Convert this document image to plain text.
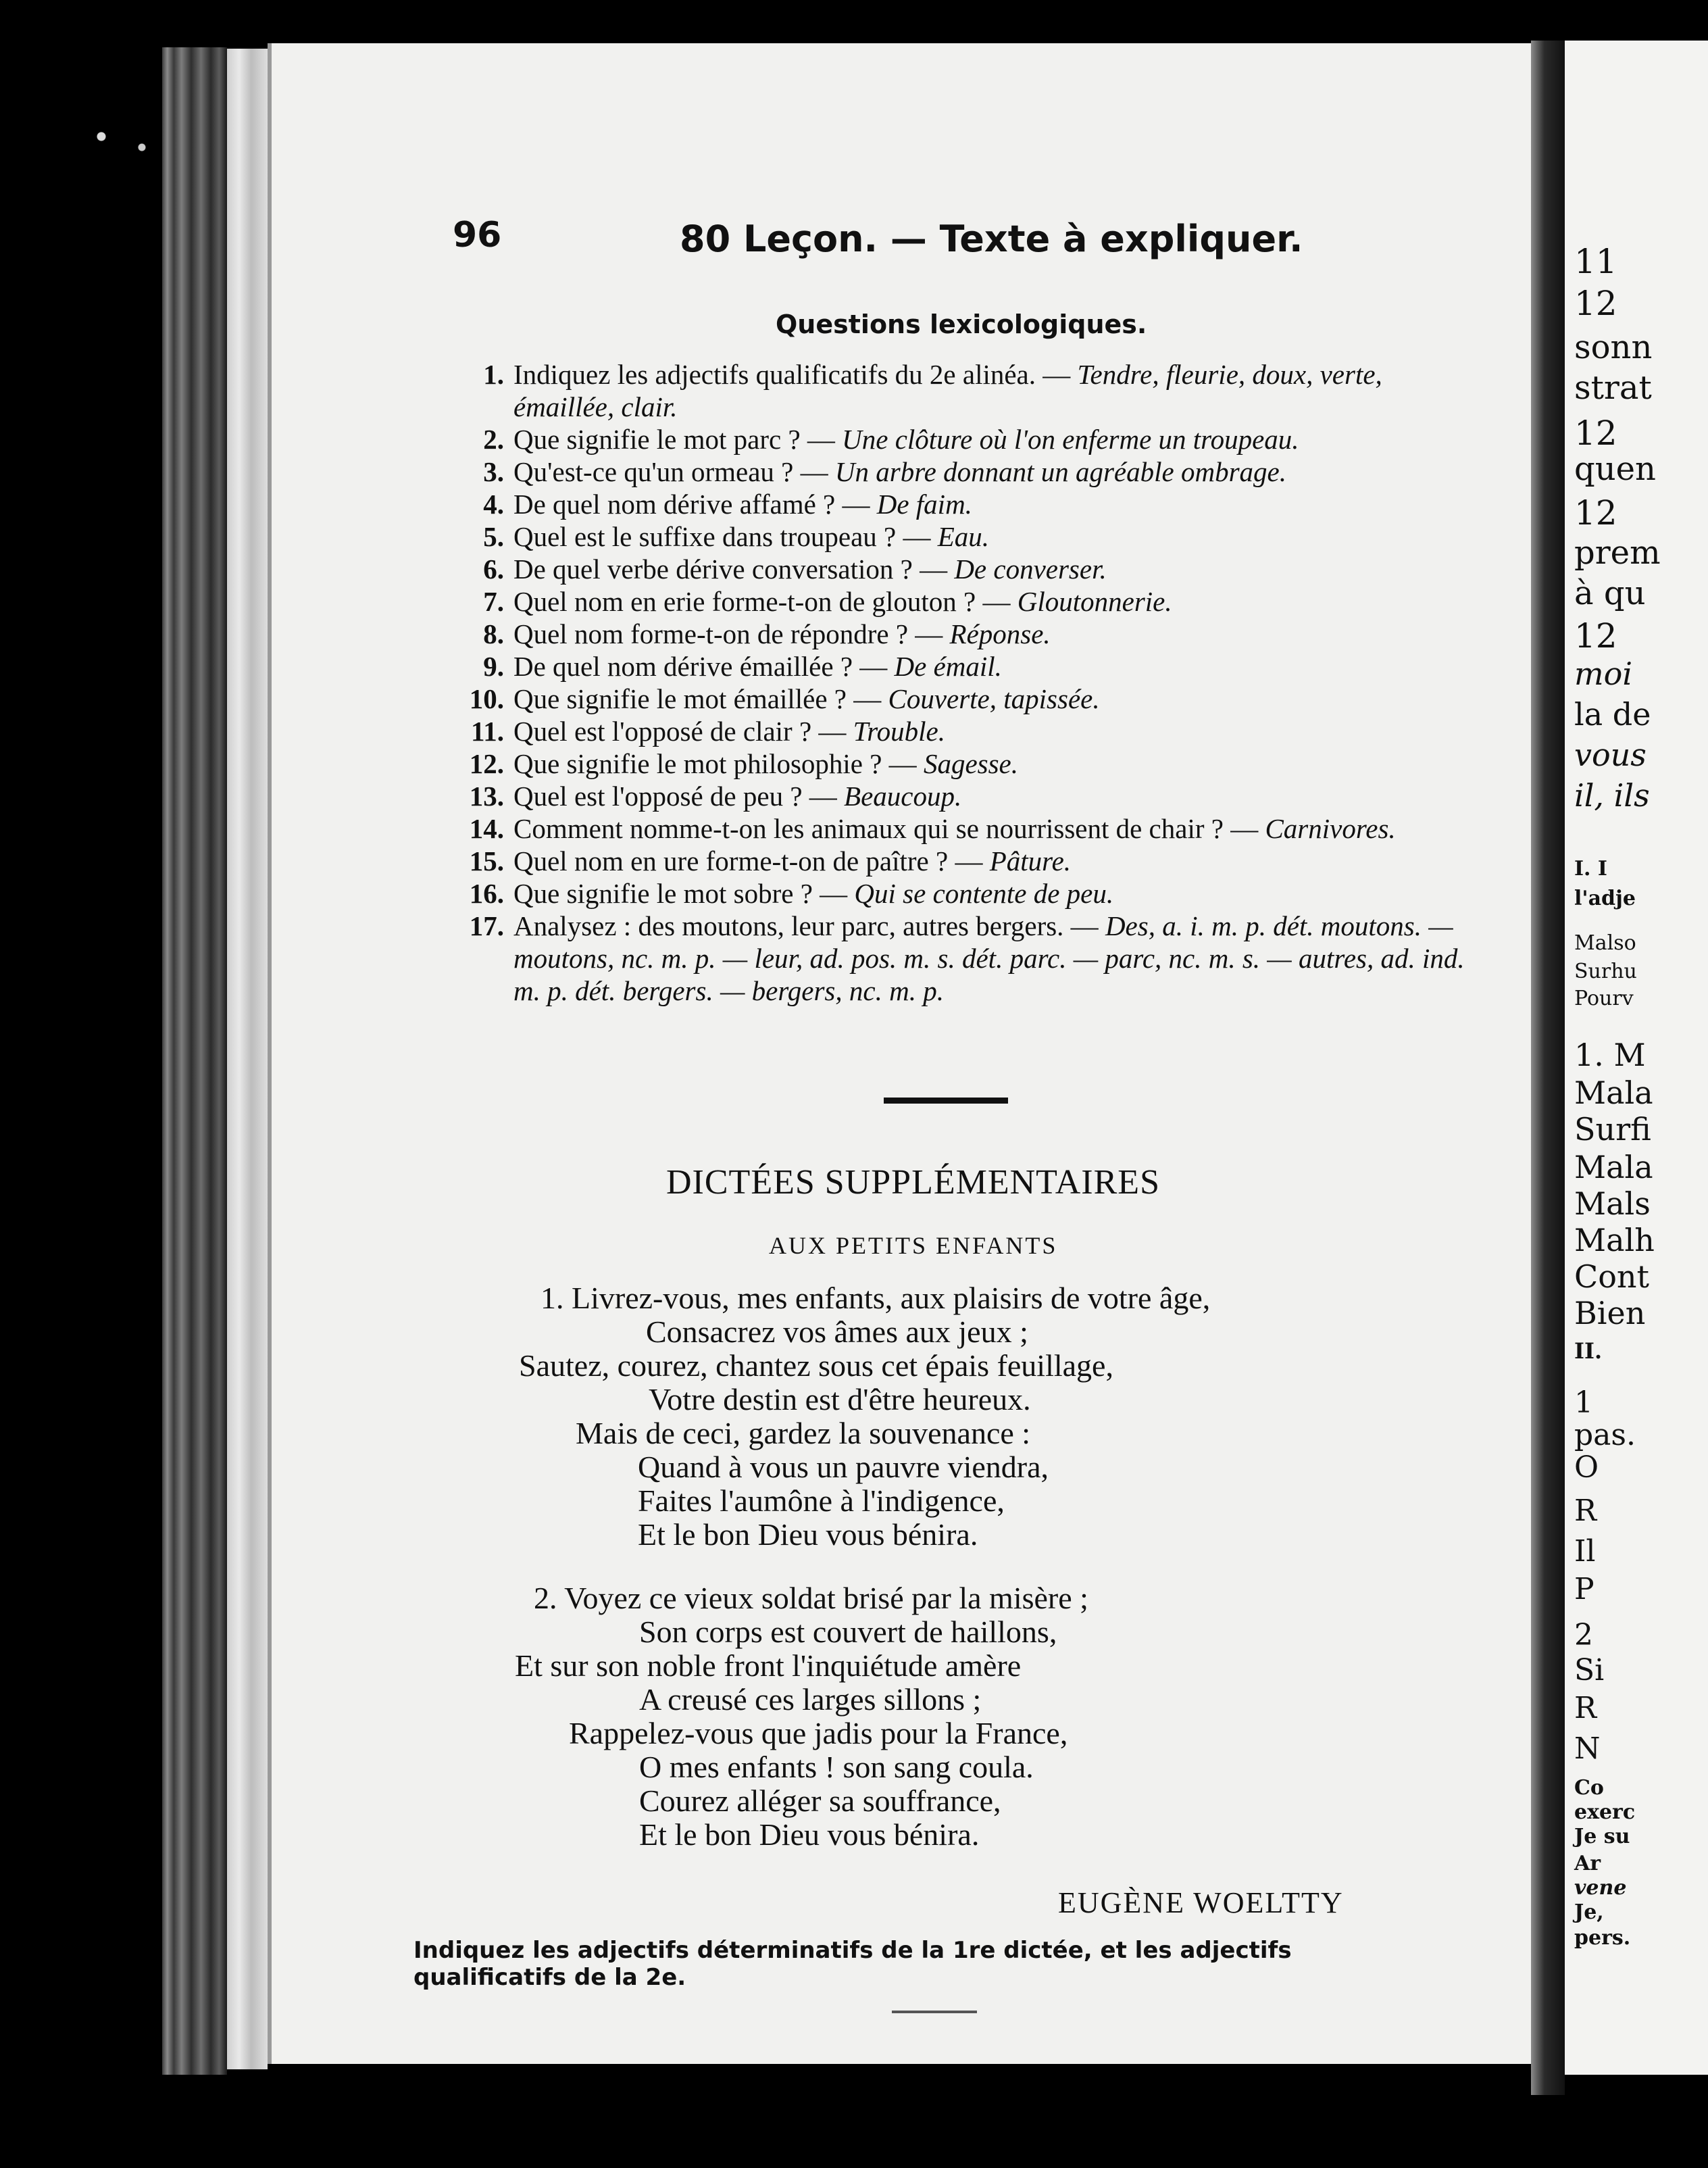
96	80 Leçon. — Texte à expliquer.
Questions lexicologiques.
1. Indiquez les adjectifs qualificatifs du 2e alinéa. — Tendre, fleurie, doux, verte, émaillée, clair.
2. Que signifie le mot parc ? — Une clôture où l'on enferme un troupeau.
3. Qu'est-ce qu'un ormeau ? — Un arbre donnant un agréable ombrage.
4. De quel nom dérive affamé ? — De faim.
5. Quel est le suffixe dans troupeau ? — Eau.
6. De quel verbe dérive conversation ? — De converser.
7. Quel nom en erie forme-t-on de glouton ? — Gloutonnerie.
8. Quel nom forme-t-on de répondre ? — Réponse.
9. De quel nom dérive émaillée ? — De émail.
10. Que signifie le mot émaillée ? — Couverte, tapissée.
11. Quel est l'opposé de clair ? — Trouble.
12. Que signifie le mot philosophie ? — Sagesse.
13. Quel est l'opposé de peu ? — Beaucoup.
14. Comment nomme-t-on les animaux qui se nourrissent de chair ? — Carnivores.
15. Quel nom en ure forme-t-on de paître ? — Pâture.
16. Que signifie le mot sobre ? — Qui se contente de peu.
17. Analysez : des moutons, leur parc, autres bergers. — Des, a. i. m. p. dét. moutons. — moutons, nc. m. p. — leur, ad. pos. m. s. dét. parc. — parc, nc. m. s. — autres, ad. ind. m. p. dét. bergers. — bergers, nc. m. p.
DICTÉES SUPPLÉMENTAIRES
AUX PETITS ENFANTS
1. Livrez-vous, mes enfants, aux plaisirs de votre âge,
Consacrez vos âmes aux jeux ;
Sautez, courez, chantez sous cet épais feuillage,
Votre destin est d'être heureux.
Mais de ceci, gardez la souvenance :
Quand à vous un pauvre viendra,
Faites l'aumône à l'indigence,
Et le bon Dieu vous bénira.
2. Voyez ce vieux soldat brisé par la misère ;
Son corps est couvert de haillons,
Et sur son noble front l'inquiétude amère
A creusé ces larges sillons ;
Rappelez-vous que jadis pour la France,
O mes enfants ! son sang coula.
Courez alléger sa souffrance,
Et le bon Dieu vous bénira.
EUGÈNE WOELTTY
Indiquez les adjectifs déterminatifs de la 1re dictée, et les adjectifs qualificatifs de la 2e.
11
12
sonn
strat
12
quen
12
prem
à qu
12
moi
la de
vous
il, ils
I. I
l'adje
Malso
Surhu
Pourv
1. M
Mala
Surfi
Mala
Mals
Malh
Cont
Bien
II.
1
pas.
O
R
Il
P
2
Si
R
N
Co
exerc
Je su
Ar
vene
Je,
pers.
